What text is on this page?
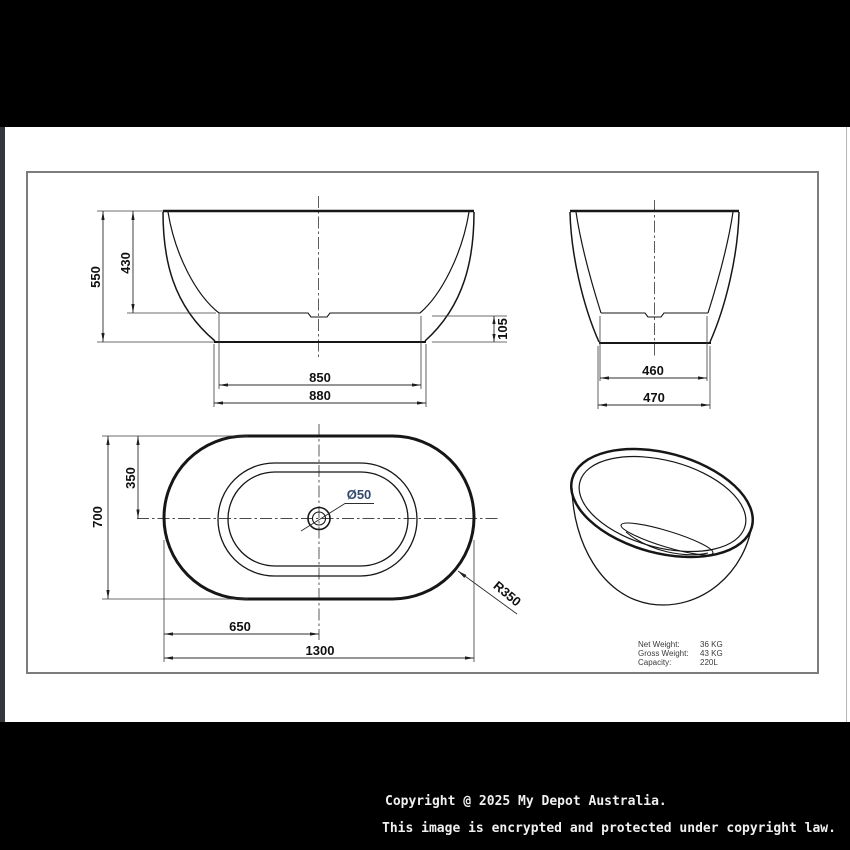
550
430
105
850
880
460
470
Ø50
700
350
650
1300
R350
Net Weight:	36 KG
Gross Weight:	43 KG
Capacity:	220L
Copyright @ 2025 My Depot Australia.
This image is encrypted and protected under copyright law.
